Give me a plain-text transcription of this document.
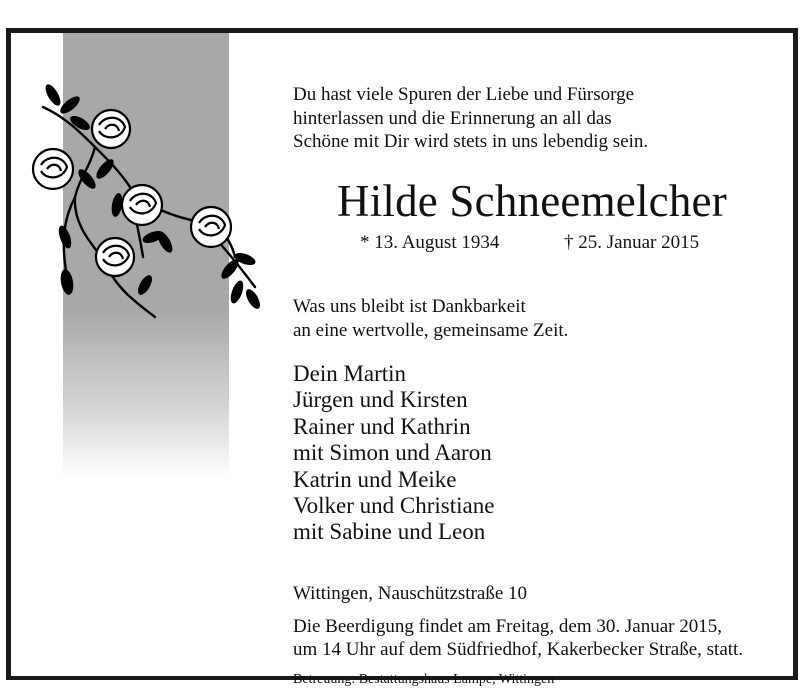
Du hast viele Spuren der Liebe und Fürsorge
hinterlassen und die Erinnerung an all das
Schöne mit Dir wird stets in uns lebendig sein.
Hilde Schneemelcher
* 13. August 1934	† 25. Januar 2015
Was uns bleibt ist Dankbarkeit
an eine wertvolle, gemeinsame Zeit.
Dein Martin
Jürgen und Kirsten
Rainer und Kathrin
mit Simon und Aaron
Katrin und Meike
Volker und Christiane
mit Sabine und Leon
Wittingen, Nauschützstraße 10
Die Beerdigung findet am Freitag, dem 30. Januar 2015,
um 14 Uhr auf dem Südfriedhof, Kakerbecker Straße, statt.
Betreuung: Bestattungshaus Lampe, Wittingen
